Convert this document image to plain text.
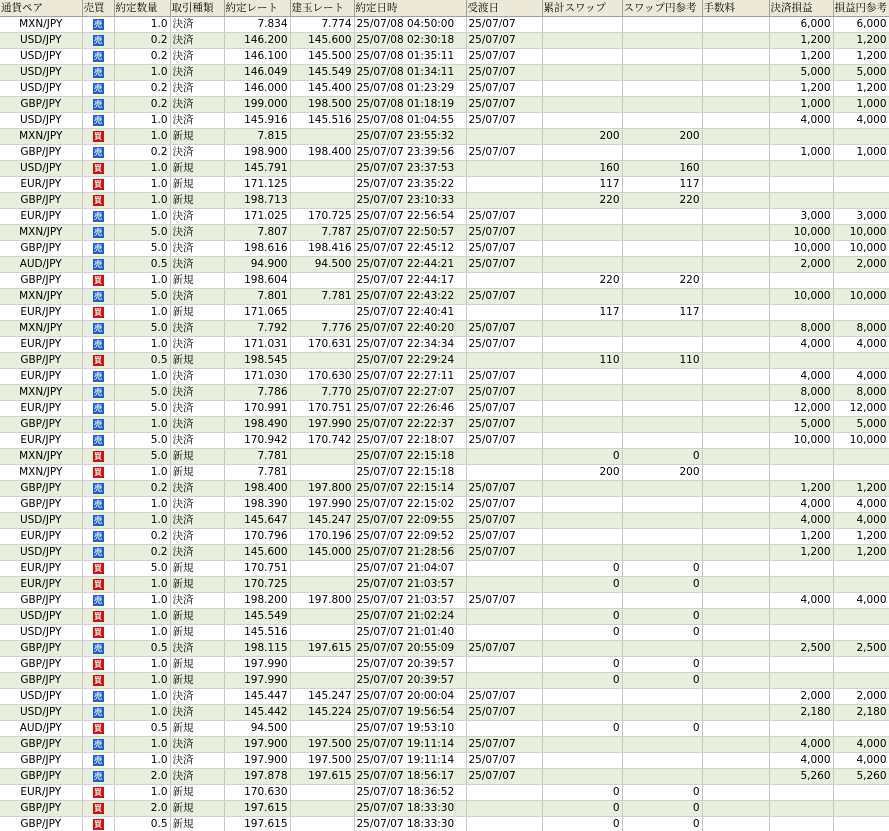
通貨ペア	売買	約定数量	取引種類	約定レート	建玉レート	約定日時	受渡日	累計スワップ	スワップ円参考	手数料	決済損益	損益円参考
MXN/JPY	売	1.0	決済	7.834	7.774	25/07/08 04:50:00	25/07/07				6,000	6,000
USD/JPY	売	0.2	決済	146.200	145.600	25/07/08 02:30:18	25/07/07				1,200	1,200
USD/JPY	売	0.2	決済	146.100	145.500	25/07/08 01:35:11	25/07/07				1,200	1,200
USD/JPY	売	1.0	決済	146.049	145.549	25/07/08 01:34:11	25/07/07				5,000	5,000
USD/JPY	売	0.2	決済	146.000	145.400	25/07/08 01:23:29	25/07/07				1,200	1,200
GBP/JPY	売	0.2	決済	199.000	198.500	25/07/08 01:18:19	25/07/07				1,000	1,000
USD/JPY	売	1.0	決済	145.916	145.516	25/07/08 01:04:55	25/07/07				4,000	4,000
MXN/JPY	買	1.0	新規	7.815		25/07/07 23:55:32		200	200			
GBP/JPY	売	0.2	決済	198.900	198.400	25/07/07 23:39:56	25/07/07				1,000	1,000
USD/JPY	買	1.0	新規	145.791		25/07/07 23:37:53		160	160			
EUR/JPY	買	1.0	新規	171.125		25/07/07 23:35:22		117	117			
GBP/JPY	買	1.0	新規	198.713		25/07/07 23:10:33		220	220			
EUR/JPY	売	1.0	決済	171.025	170.725	25/07/07 22:56:54	25/07/07				3,000	3,000
MXN/JPY	売	5.0	決済	7.807	7.787	25/07/07 22:50:57	25/07/07				10,000	10,000
GBP/JPY	売	5.0	決済	198.616	198.416	25/07/07 22:45:12	25/07/07				10,000	10,000
AUD/JPY	売	0.5	決済	94.900	94.500	25/07/07 22:44:21	25/07/07				2,000	2,000
GBP/JPY	買	1.0	新規	198.604		25/07/07 22:44:17		220	220			
MXN/JPY	売	5.0	決済	7.801	7.781	25/07/07 22:43:22	25/07/07				10,000	10,000
EUR/JPY	買	1.0	新規	171.065		25/07/07 22:40:41		117	117			
MXN/JPY	売	5.0	決済	7.792	7.776	25/07/07 22:40:20	25/07/07				8,000	8,000
EUR/JPY	売	1.0	決済	171.031	170.631	25/07/07 22:34:34	25/07/07				4,000	4,000
GBP/JPY	買	0.5	新規	198.545		25/07/07 22:29:24		110	110			
EUR/JPY	売	1.0	決済	171.030	170.630	25/07/07 22:27:11	25/07/07				4,000	4,000
MXN/JPY	売	5.0	決済	7.786	7.770	25/07/07 22:27:07	25/07/07				8,000	8,000
EUR/JPY	売	5.0	決済	170.991	170.751	25/07/07 22:26:46	25/07/07				12,000	12,000
GBP/JPY	売	1.0	決済	198.490	197.990	25/07/07 22:22:37	25/07/07				5,000	5,000
EUR/JPY	売	5.0	決済	170.942	170.742	25/07/07 22:18:07	25/07/07				10,000	10,000
MXN/JPY	買	5.0	新規	7.781		25/07/07 22:15:18		0	0			
MXN/JPY	買	1.0	新規	7.781		25/07/07 22:15:18		200	200			
GBP/JPY	売	0.2	決済	198.400	197.800	25/07/07 22:15:14	25/07/07				1,200	1,200
GBP/JPY	売	1.0	決済	198.390	197.990	25/07/07 22:15:02	25/07/07				4,000	4,000
USD/JPY	売	1.0	決済	145.647	145.247	25/07/07 22:09:55	25/07/07				4,000	4,000
EUR/JPY	売	0.2	決済	170.796	170.196	25/07/07 22:09:52	25/07/07				1,200	1,200
USD/JPY	売	0.2	決済	145.600	145.000	25/07/07 21:28:56	25/07/07				1,200	1,200
EUR/JPY	買	5.0	新規	170.751		25/07/07 21:04:07		0	0			
EUR/JPY	買	1.0	新規	170.725		25/07/07 21:03:57		0	0			
GBP/JPY	売	1.0	決済	198.200	197.800	25/07/07 21:03:57	25/07/07				4,000	4,000
USD/JPY	買	1.0	新規	145.549		25/07/07 21:02:24		0	0			
USD/JPY	買	1.0	新規	145.516		25/07/07 21:01:40		0	0			
GBP/JPY	売	0.5	決済	198.115	197.615	25/07/07 20:55:09	25/07/07				2,500	2,500
GBP/JPY	買	1.0	新規	197.990		25/07/07 20:39:57		0	0			
GBP/JPY	買	1.0	新規	197.990		25/07/07 20:39:57		0	0			
USD/JPY	売	1.0	決済	145.447	145.247	25/07/07 20:00:04	25/07/07				2,000	2,000
USD/JPY	売	1.0	決済	145.442	145.224	25/07/07 19:56:54	25/07/07				2,180	2,180
AUD/JPY	買	0.5	新規	94.500		25/07/07 19:53:10		0	0			
GBP/JPY	売	1.0	決済	197.900	197.500	25/07/07 19:11:14	25/07/07				4,000	4,000
GBP/JPY	売	1.0	決済	197.900	197.500	25/07/07 19:11:14	25/07/07				4,000	4,000
GBP/JPY	売	2.0	決済	197.878	197.615	25/07/07 18:56:17	25/07/07				5,260	5,260
EUR/JPY	買	1.0	新規	170.630		25/07/07 18:36:52		0	0			
GBP/JPY	買	2.0	新規	197.615		25/07/07 18:33:30		0	0			
GBP/JPY	買	0.5	新規	197.615		25/07/07 18:33:30		0	0			
